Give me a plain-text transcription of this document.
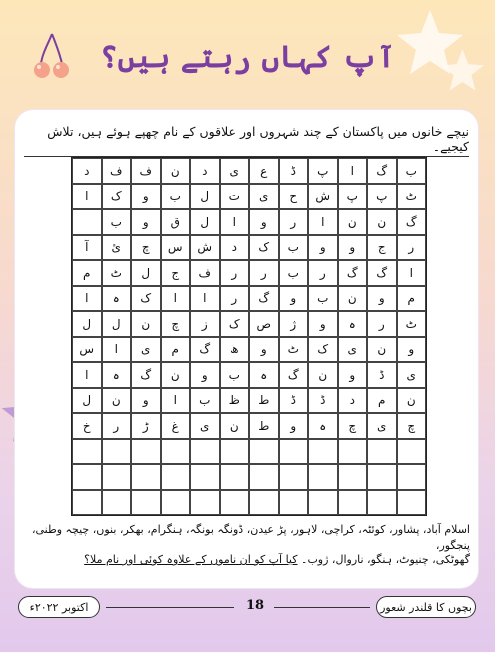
آپ کہاں رہتے ہیں؟
نیچے خانوں میں پاکستان کے چند شہروں اور علاقوں کے نام چھپے ہوئے ہیں، تلاش کیجیے۔
ب
گ
ا
پ
ڈ
ع
ی
د
ن
ف
ف
د
ٹ
پ
پ
ش
ح
ی
ت
ل
ب
و
ک
ا
گ
ن
ن
ا
ر
و
ا
ل
ق
و
ب
ر
ج
و
و
ب
ک
د
ش
س
چ
ئ
آ
ا
گ
گ
ر
ب
ر
ر
ف
ج
ل
ٹ
م
م
و
ن
ب
و
گ
ر
ا
ا
ک
ہ
ا
ٹ
ر
ہ
و
ژ
ص
ک
ز
چ
ن
ل
ل
و
ن
ی
ک
ٹ
و
ھ
گ
م
ی
ا
س
ی
ڈ
و
ن
گ
ہ
ب
و
ن
گ
ہ
ا
ن
م
د
ڈ
ڈ
ط
ظ
ب
ا
و
ن
ل
چ
ی
چ
ہ
و
ط
ن
ی
غ
ڑ
ر
خ
اسلام آباد، پشاور، کوئٹہ، کراچی، لاہور، پڑ عیدن، ڈونگہ بونگہ، ہنگرام، بھکر، بنوں، چیچہ وطنی، پنجگور،
گھوٹکی، چنیوٹ، ہنگو، ناروال، ژوب۔ کیا آپ کو ان ناموں کے علاوہ کوئی اور نام ملا؟
اکتوبر ۲۰۲۲ء	18	بچوں کا قلندر شعور
